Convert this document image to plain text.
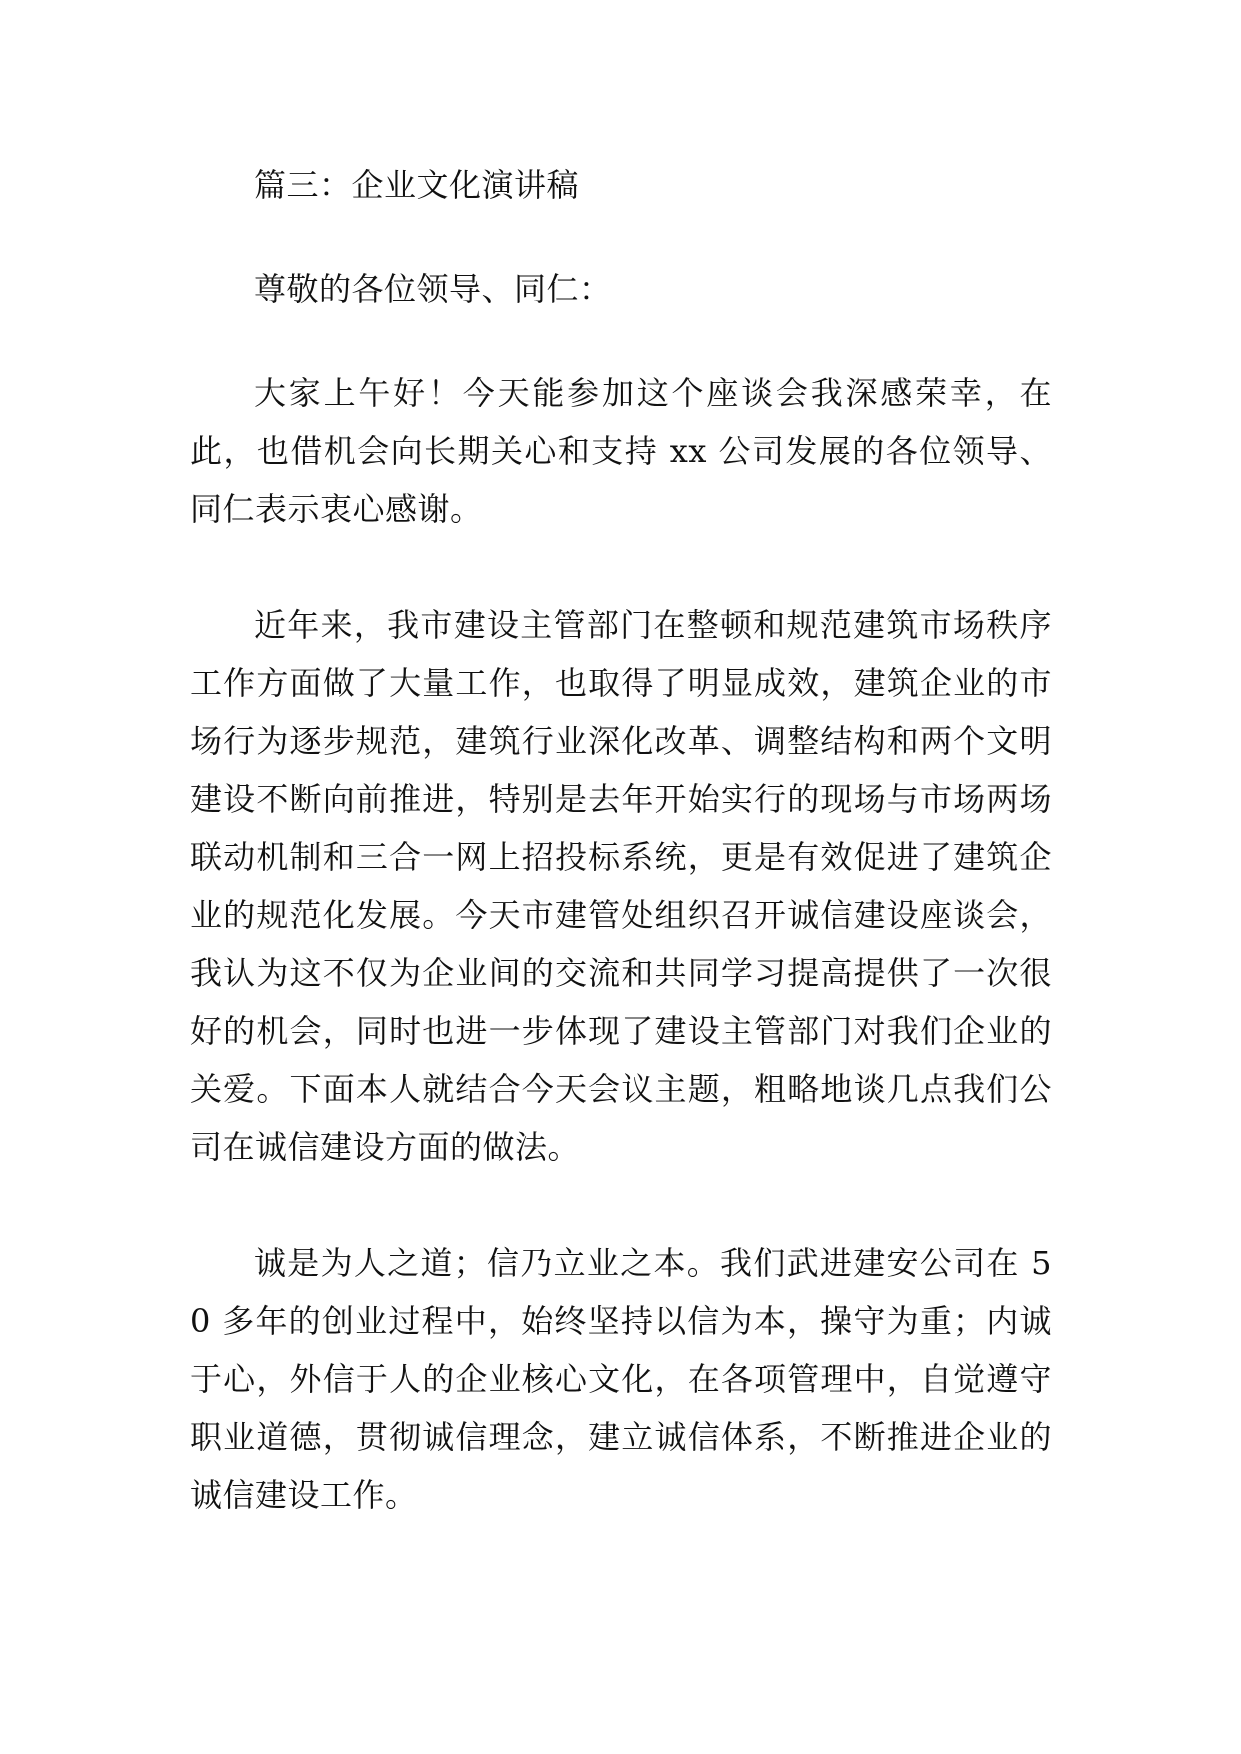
篇三：企业文化演讲稿

尊敬的各位领导、同仁：

大家上午好！今天能参加这个座谈会我深感荣幸，在此，也借机会向长期关心和支持 xx 公司发展的各位领导、同仁表示衷心感谢。

近年来，我市建设主管部门在整顿和规范建筑市场秩序工作方面做了大量工作，也取得了明显成效，建筑企业的市场行为逐步规范，建筑行业深化改革、调整结构和两个文明建设不断向前推进，特别是去年开始实行的现场与市场两场联动机制和三合一网上招投标系统，更是有效促进了建筑企业的规范化发展。今天市建管处组织召开诚信建设座谈会，我认为这不仅为企业间的交流和共同学习提高提供了一次很好的机会，同时也进一步体现了建设主管部门对我们企业的关爱。下面本人就结合今天会议主题，粗略地谈几点我们公司在诚信建设方面的做法。

诚是为人之道；信乃立业之本。我们武进建安公司在 50 多年的创业过程中，始终坚持以信为本，操守为重；内诚于心，外信于人的企业核心文化，在各项管理中，自觉遵守职业道德，贯彻诚信理念，建立诚信体系，不断推进企业的诚信建设工作。
